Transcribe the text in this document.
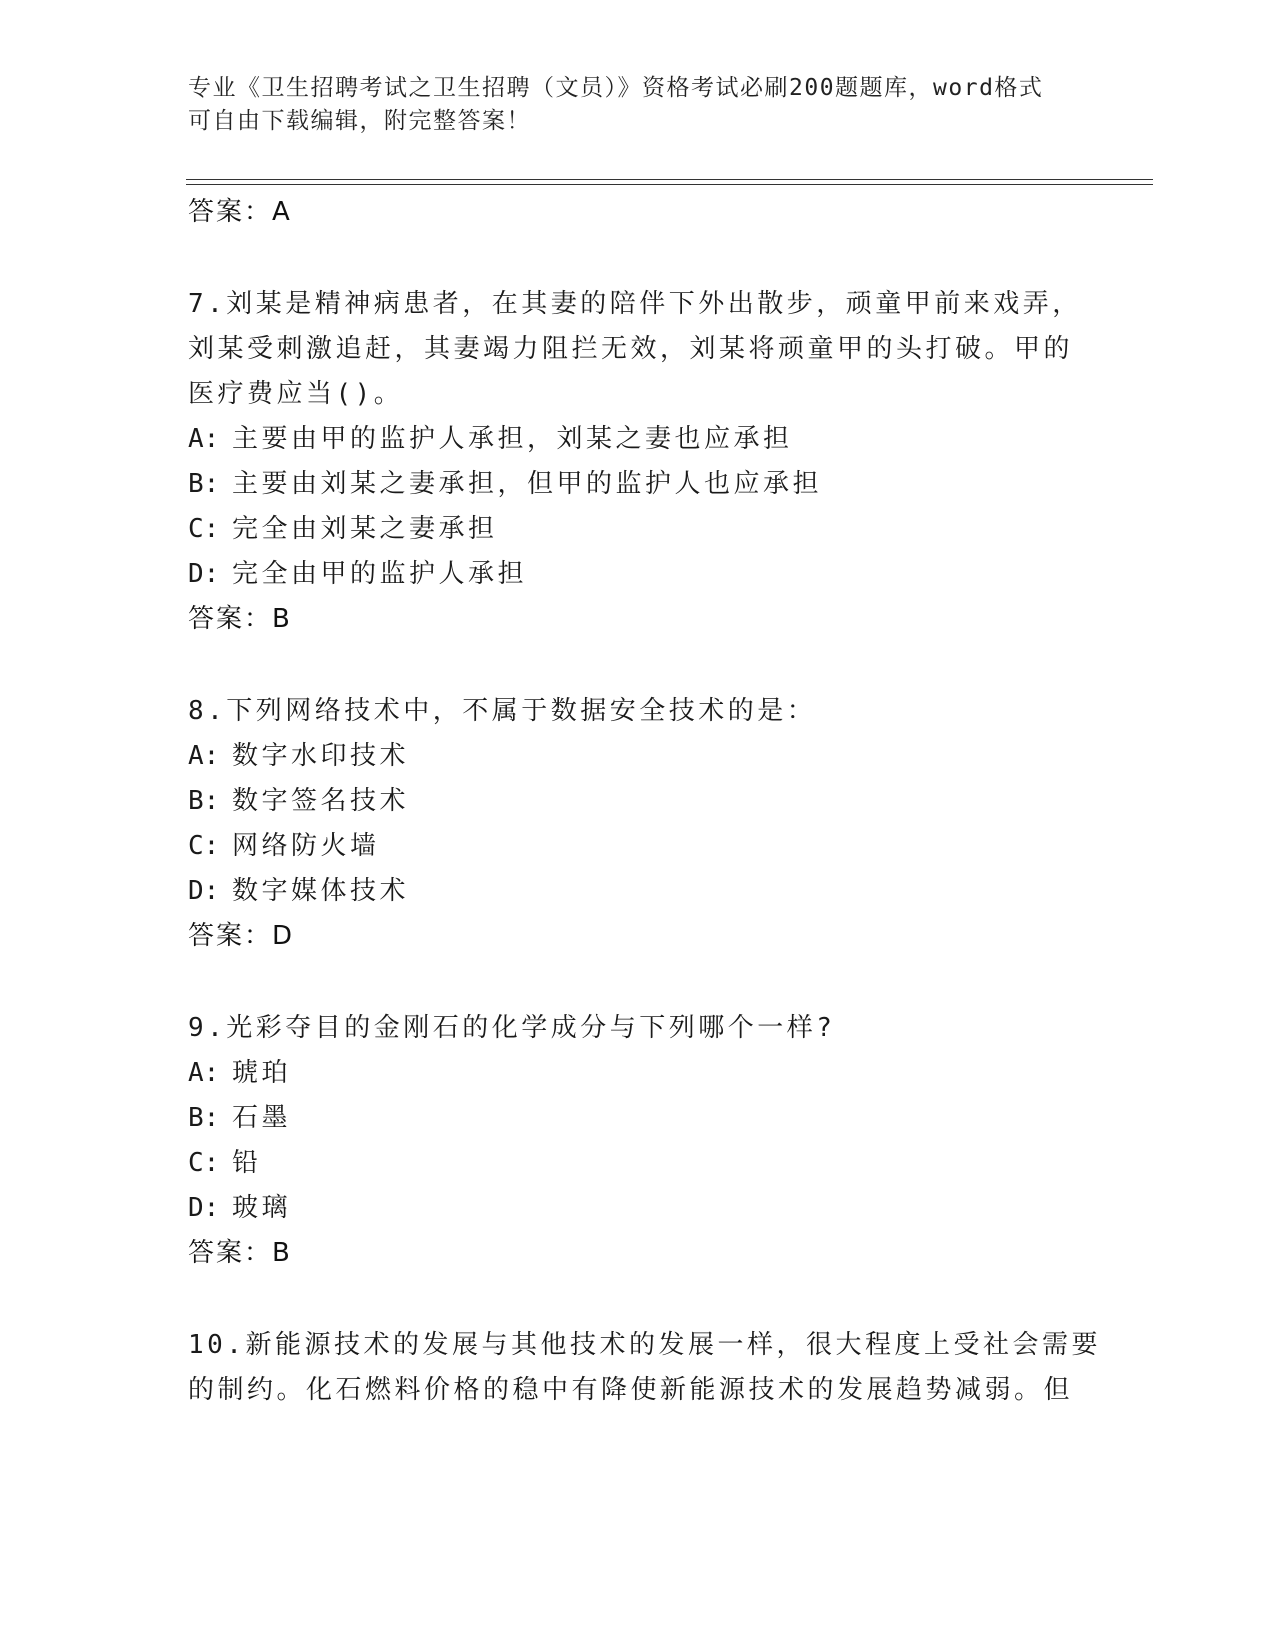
专业《卫生招聘考试之卫生招聘（文员）》资格考试必刷200题题库，word格式
可自由下载编辑，附完整答案！
答案：A
7.刘某是精神病患者，在其妻的陪伴下外出散步，顽童甲前来戏弄，
刘某受刺激追赶，其妻竭力阻拦无效，刘某将顽童甲的头打破。甲的
医疗费应当()。
A: 主要由甲的监护人承担，刘某之妻也应承担
B: 主要由刘某之妻承担，但甲的监护人也应承担
C: 完全由刘某之妻承担
D: 完全由甲的监护人承担
答案：B
8.下列网络技术中，不属于数据安全技术的是：
A: 数字水印技术
B: 数字签名技术
C: 网络防火墙
D: 数字媒体技术
答案：D
9.光彩夺目的金刚石的化学成分与下列哪个一样?
A: 琥珀
B: 石墨
C: 铅
D: 玻璃
答案：B
10.新能源技术的发展与其他技术的发展一样，很大程度上受社会需要
的制约。化石燃料价格的稳中有降使新能源技术的发展趋势减弱。但
